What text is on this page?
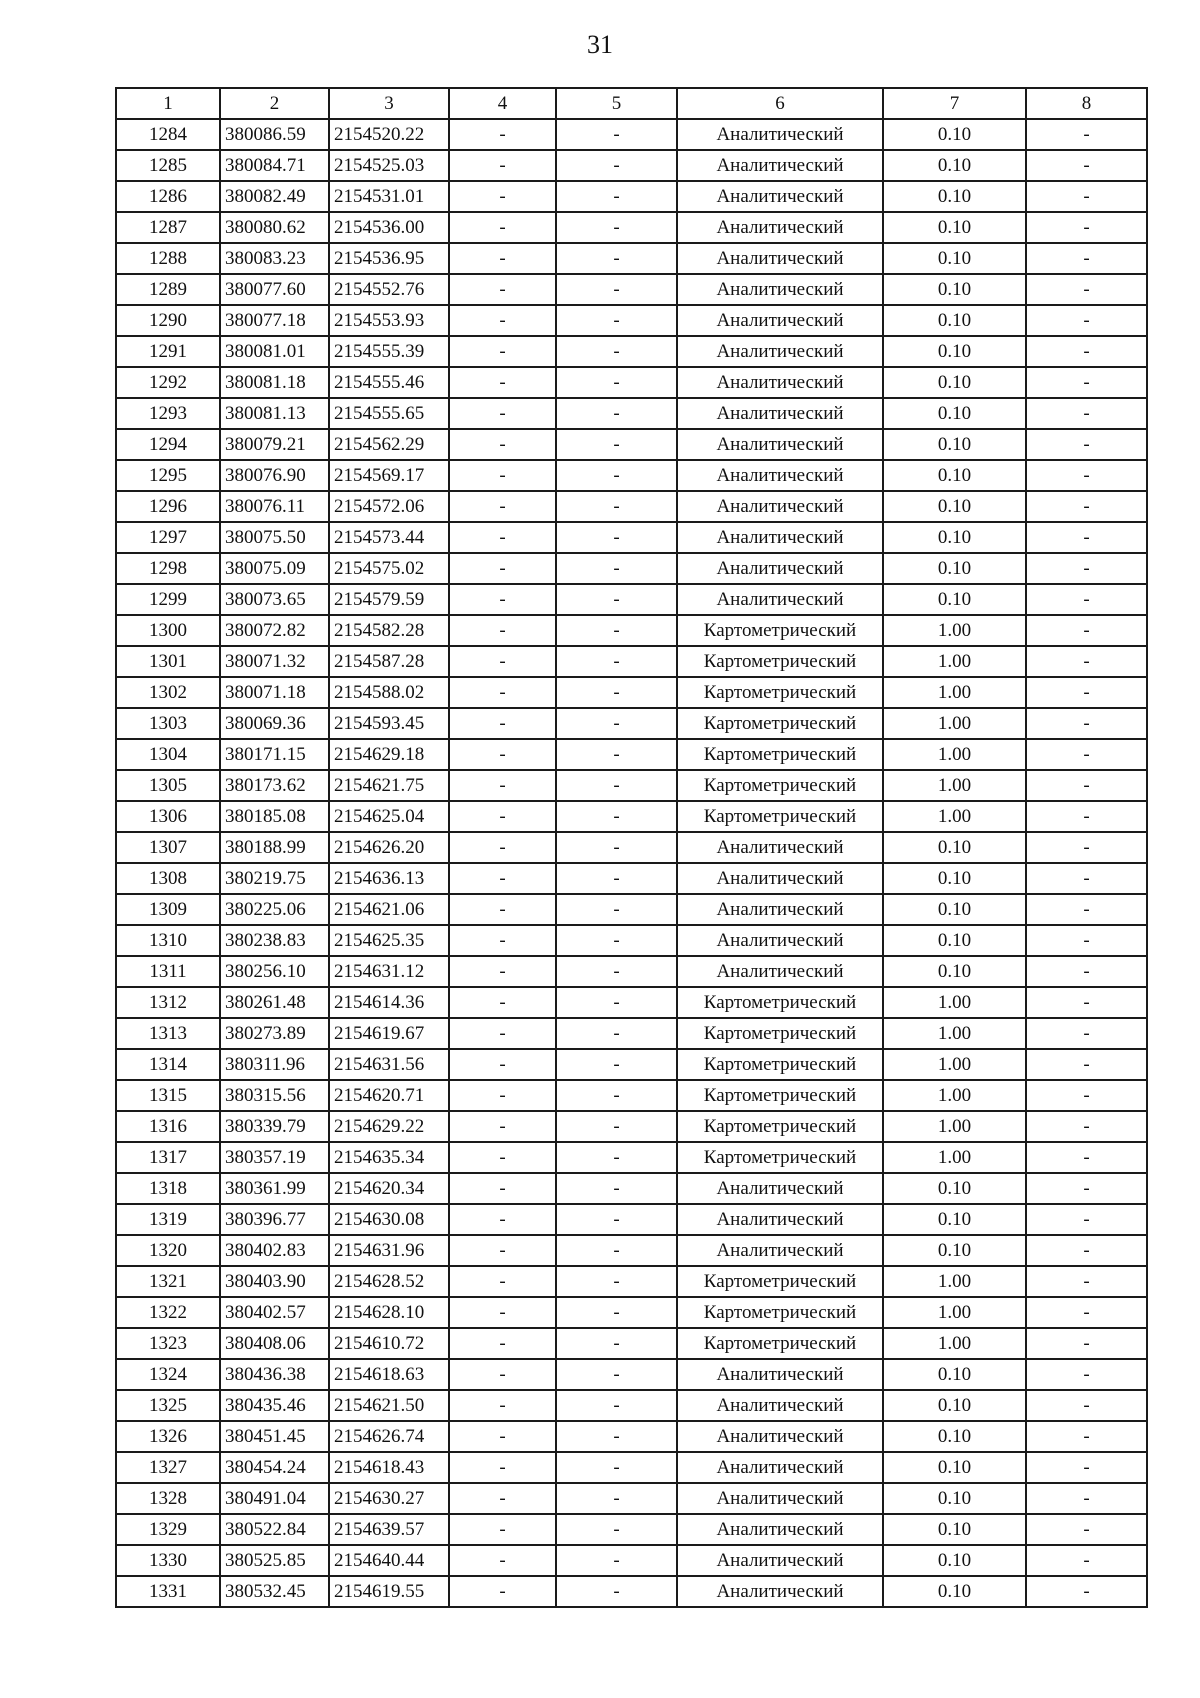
31
1	2	3	4	5	6	7	8
1284	380086.59	2154520.22	-	-	Аналитический	0.10	-
1285	380084.71	2154525.03	-	-	Аналитический	0.10	-
1286	380082.49	2154531.01	-	-	Аналитический	0.10	-
1287	380080.62	2154536.00	-	-	Аналитический	0.10	-
1288	380083.23	2154536.95	-	-	Аналитический	0.10	-
1289	380077.60	2154552.76	-	-	Аналитический	0.10	-
1290	380077.18	2154553.93	-	-	Аналитический	0.10	-
1291	380081.01	2154555.39	-	-	Аналитический	0.10	-
1292	380081.18	2154555.46	-	-	Аналитический	0.10	-
1293	380081.13	2154555.65	-	-	Аналитический	0.10	-
1294	380079.21	2154562.29	-	-	Аналитический	0.10	-
1295	380076.90	2154569.17	-	-	Аналитический	0.10	-
1296	380076.11	2154572.06	-	-	Аналитический	0.10	-
1297	380075.50	2154573.44	-	-	Аналитический	0.10	-
1298	380075.09	2154575.02	-	-	Аналитический	0.10	-
1299	380073.65	2154579.59	-	-	Аналитический	0.10	-
1300	380072.82	2154582.28	-	-	Картометрический	1.00	-
1301	380071.32	2154587.28	-	-	Картометрический	1.00	-
1302	380071.18	2154588.02	-	-	Картометрический	1.00	-
1303	380069.36	2154593.45	-	-	Картометрический	1.00	-
1304	380171.15	2154629.18	-	-	Картометрический	1.00	-
1305	380173.62	2154621.75	-	-	Картометрический	1.00	-
1306	380185.08	2154625.04	-	-	Картометрический	1.00	-
1307	380188.99	2154626.20	-	-	Аналитический	0.10	-
1308	380219.75	2154636.13	-	-	Аналитический	0.10	-
1309	380225.06	2154621.06	-	-	Аналитический	0.10	-
1310	380238.83	2154625.35	-	-	Аналитический	0.10	-
1311	380256.10	2154631.12	-	-	Аналитический	0.10	-
1312	380261.48	2154614.36	-	-	Картометрический	1.00	-
1313	380273.89	2154619.67	-	-	Картометрический	1.00	-
1314	380311.96	2154631.56	-	-	Картометрический	1.00	-
1315	380315.56	2154620.71	-	-	Картометрический	1.00	-
1316	380339.79	2154629.22	-	-	Картометрический	1.00	-
1317	380357.19	2154635.34	-	-	Картометрический	1.00	-
1318	380361.99	2154620.34	-	-	Аналитический	0.10	-
1319	380396.77	2154630.08	-	-	Аналитический	0.10	-
1320	380402.83	2154631.96	-	-	Аналитический	0.10	-
1321	380403.90	2154628.52	-	-	Картометрический	1.00	-
1322	380402.57	2154628.10	-	-	Картометрический	1.00	-
1323	380408.06	2154610.72	-	-	Картометрический	1.00	-
1324	380436.38	2154618.63	-	-	Аналитический	0.10	-
1325	380435.46	2154621.50	-	-	Аналитический	0.10	-
1326	380451.45	2154626.74	-	-	Аналитический	0.10	-
1327	380454.24	2154618.43	-	-	Аналитический	0.10	-
1328	380491.04	2154630.27	-	-	Аналитический	0.10	-
1329	380522.84	2154639.57	-	-	Аналитический	0.10	-
1330	380525.85	2154640.44	-	-	Аналитический	0.10	-
1331	380532.45	2154619.55	-	-	Аналитический	0.10	-
